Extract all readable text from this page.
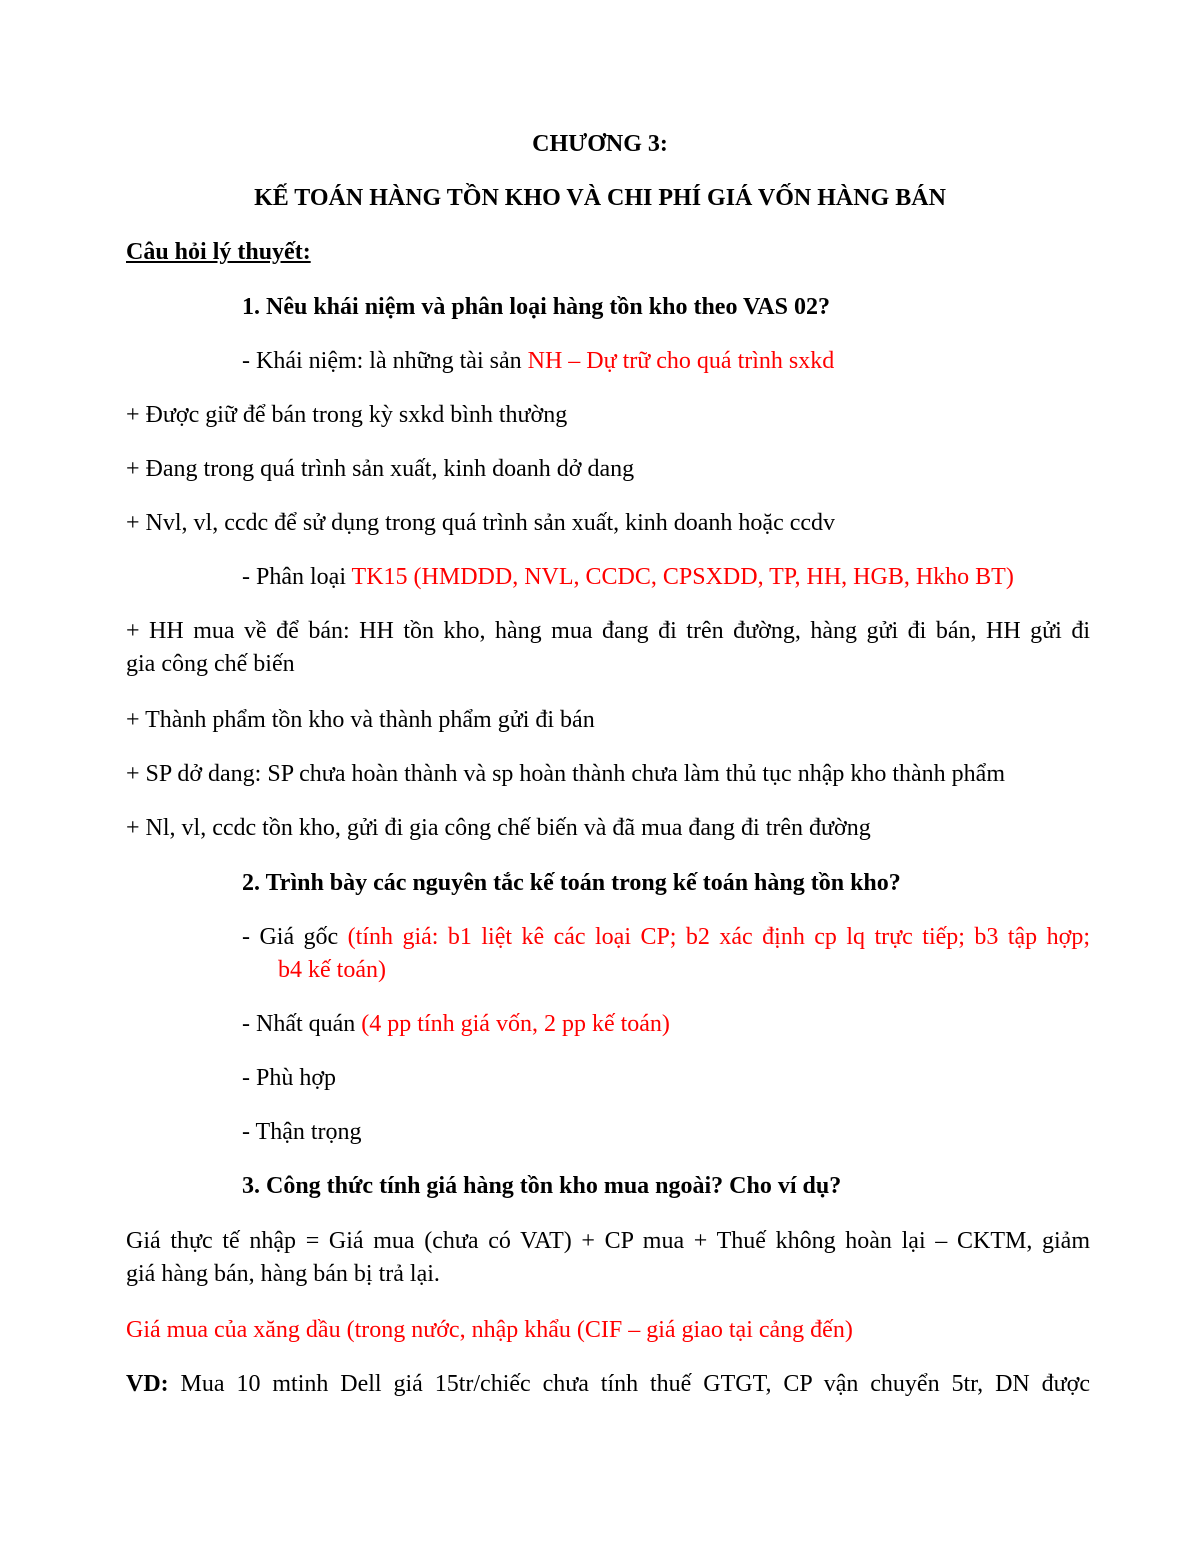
CHƯƠNG 3:
KẾ TOÁN HÀNG TỒN KHO VÀ CHI PHÍ GIÁ VỐN HÀNG BÁN
Câu hỏi lý thuyết:
1. Nêu khái niệm và phân loại hàng tồn kho theo VAS 02?
- Khái niệm: là những tài sản NH – Dự trữ cho quá trình sxkd
+ Được giữ để bán trong kỳ sxkd bình thường
+ Đang trong quá trình sản xuất, kinh doanh dở dang
+ Nvl, vl, ccdc để sử dụng trong quá trình sản xuất, kinh doanh hoặc ccdv
- Phân loại TK15 (HMDDD, NVL, CCDC, CPSXDD, TP, HH, HGB, Hkho BT)
+ HH mua về để bán: HH tồn kho, hàng mua đang đi trên đường, hàng gửi đi bán, HH gửi đi
gia công chế biến
+ Thành phẩm tồn kho và thành phẩm gửi đi bán
+ SP dở dang: SP chưa hoàn thành và sp hoàn thành chưa làm thủ tục nhập kho thành phẩm
+ Nl, vl, ccdc tồn kho, gửi đi gia công chế biến và đã mua đang đi trên đường
2. Trình bày các nguyên tắc kế toán trong kế toán hàng tồn kho?
- Giá gốc (tính giá: b1 liệt kê các loại CP; b2 xác định cp lq trực tiếp; b3 tập hợp;
b4 kế toán)
- Nhất quán (4 pp tính giá vốn, 2 pp kế toán)
- Phù hợp
- Thận trọng
3. Công thức tính giá hàng tồn kho mua ngoài? Cho ví dụ?
Giá thực tế nhập = Giá mua (chưa có VAT) + CP mua + Thuế không hoàn lại – CKTM, giảm
giá hàng bán, hàng bán bị trả lại.
Giá mua của xăng dầu (trong nước, nhập khẩu (CIF – giá giao tại cảng đến)
VD: Mua 10 mtinh Dell giá 15tr/chiếc chưa tính thuế GTGT, CP vận chuyển 5tr, DN được
